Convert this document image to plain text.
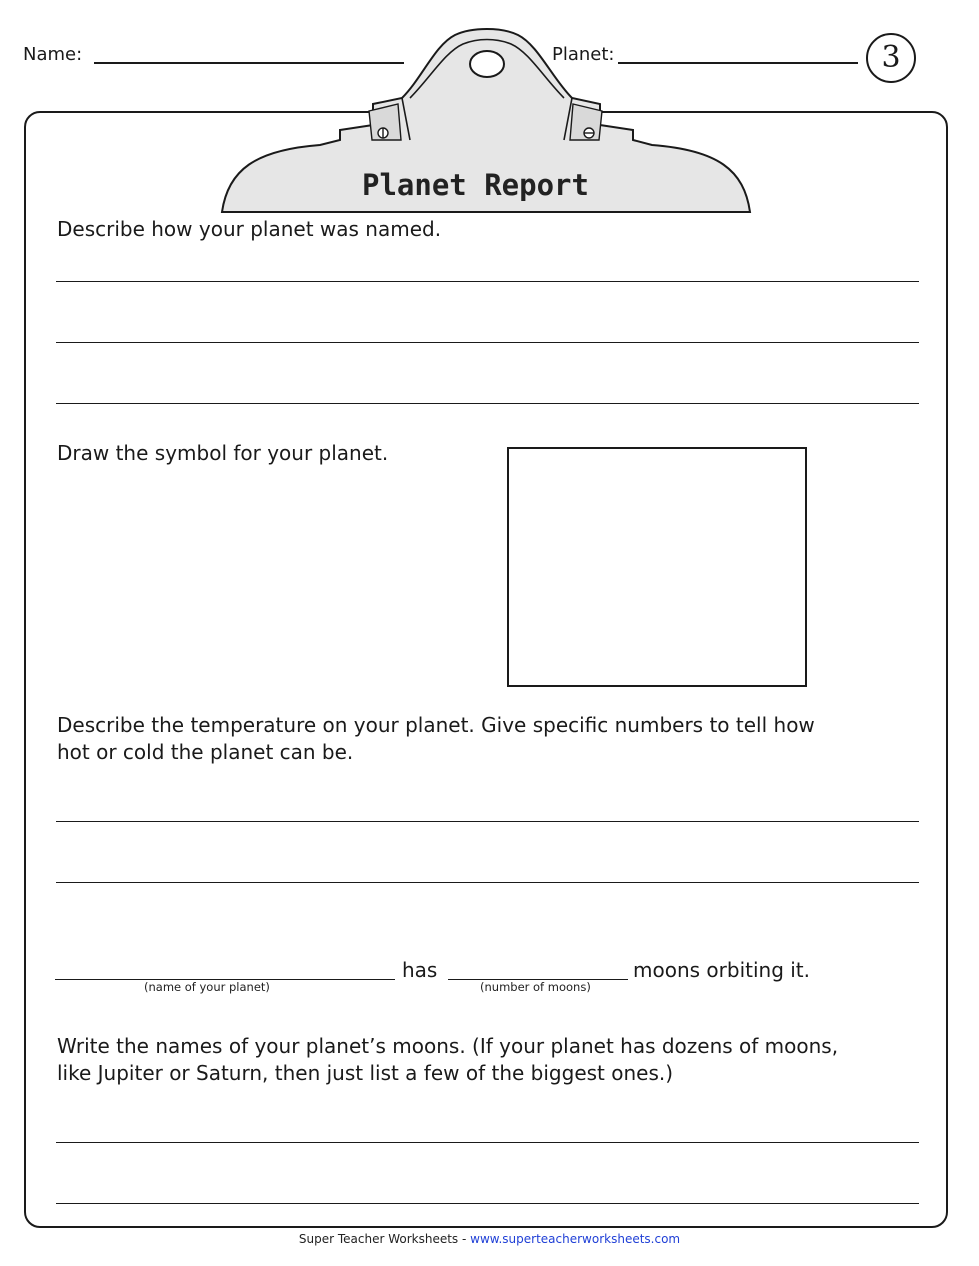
Name:	Planet:	3
Planet Report
Describe how your planet was named.
Draw the symbol for your planet.
Describe the temperature on your planet. Give specific numbers to tell how
hot or cold the planet can be.
(name of your planet)
has
(number of moons)
moons orbiting it.
Write the names of your planet’s moons. (If your planet has dozens of moons,
like Jupiter or Saturn, then just list a few of the biggest ones.)
Super Teacher Worksheets - www.superteacherworksheets.com
